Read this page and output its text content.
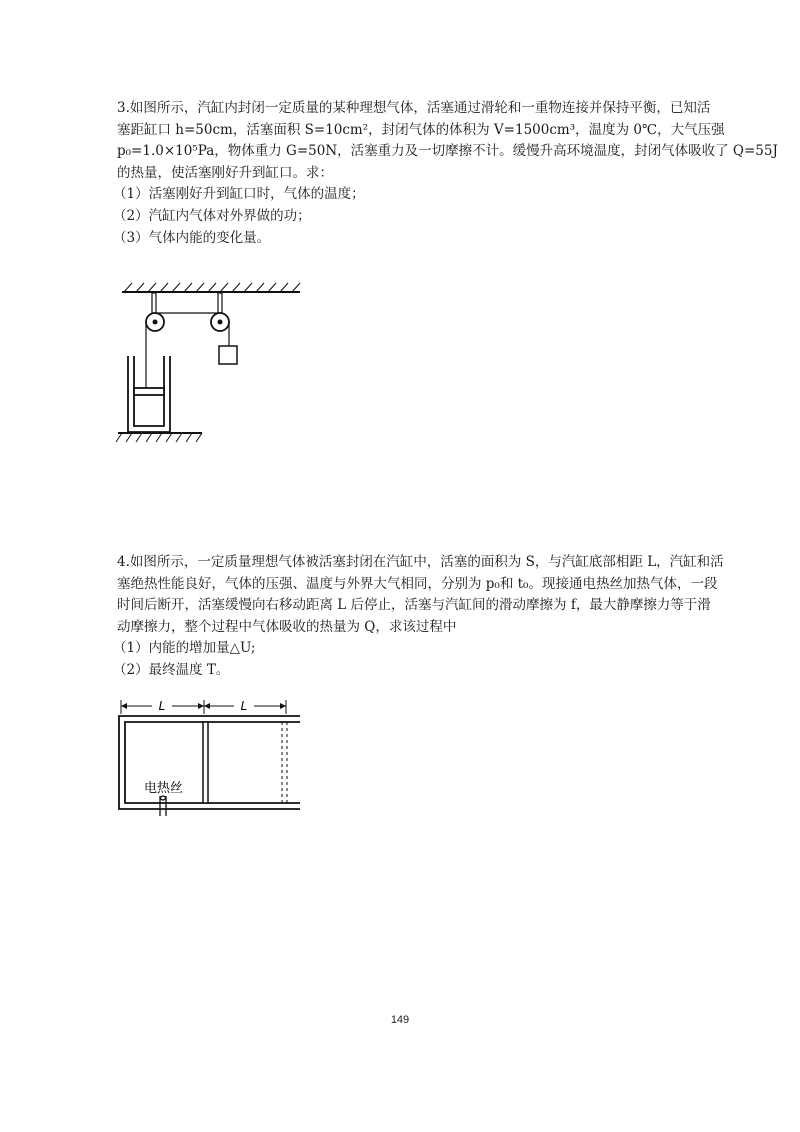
3.如图所示，汽缸内封闭一定质量的某种理想气体，活塞通过滑轮和一重物连接并保持平衡，已知活
塞距缸口 h=50cm，活塞面积 S=10cm²，封闭气体的体积为 V=1500cm³，温度为 0℃，大气压强
p₀=1.0×10⁵Pa，物体重力 G=50N，活塞重力及一切摩擦不计。缓慢升高环境温度，封闭气体吸收了 Q=55J
的热量，使活塞刚好升到缸口。求：

（1）活塞刚好升到缸口时，气体的温度；
（2）汽缸内气体对外界做的功；
（3）气体内能的变化量。

4.如图所示，一定质量理想气体被活塞封闭在汽缸中，活塞的面积为 S，与汽缸底部相距 L，汽缸和活
塞绝热性能良好，气体的压强、温度与外界大气相同，分别为 p₀和 t₀。现接通电热丝加热气体，一段
时间后断开，活塞缓慢向右移动距离 L 后停止，活塞与汽缸间的滑动摩擦为 f，最大静摩擦力等于滑
动摩擦力，整个过程中气体吸收的热量为 Q，求该过程中

（1）内能的增加量△U;
（2）最终温度 T。
L	L
电热丝
149
